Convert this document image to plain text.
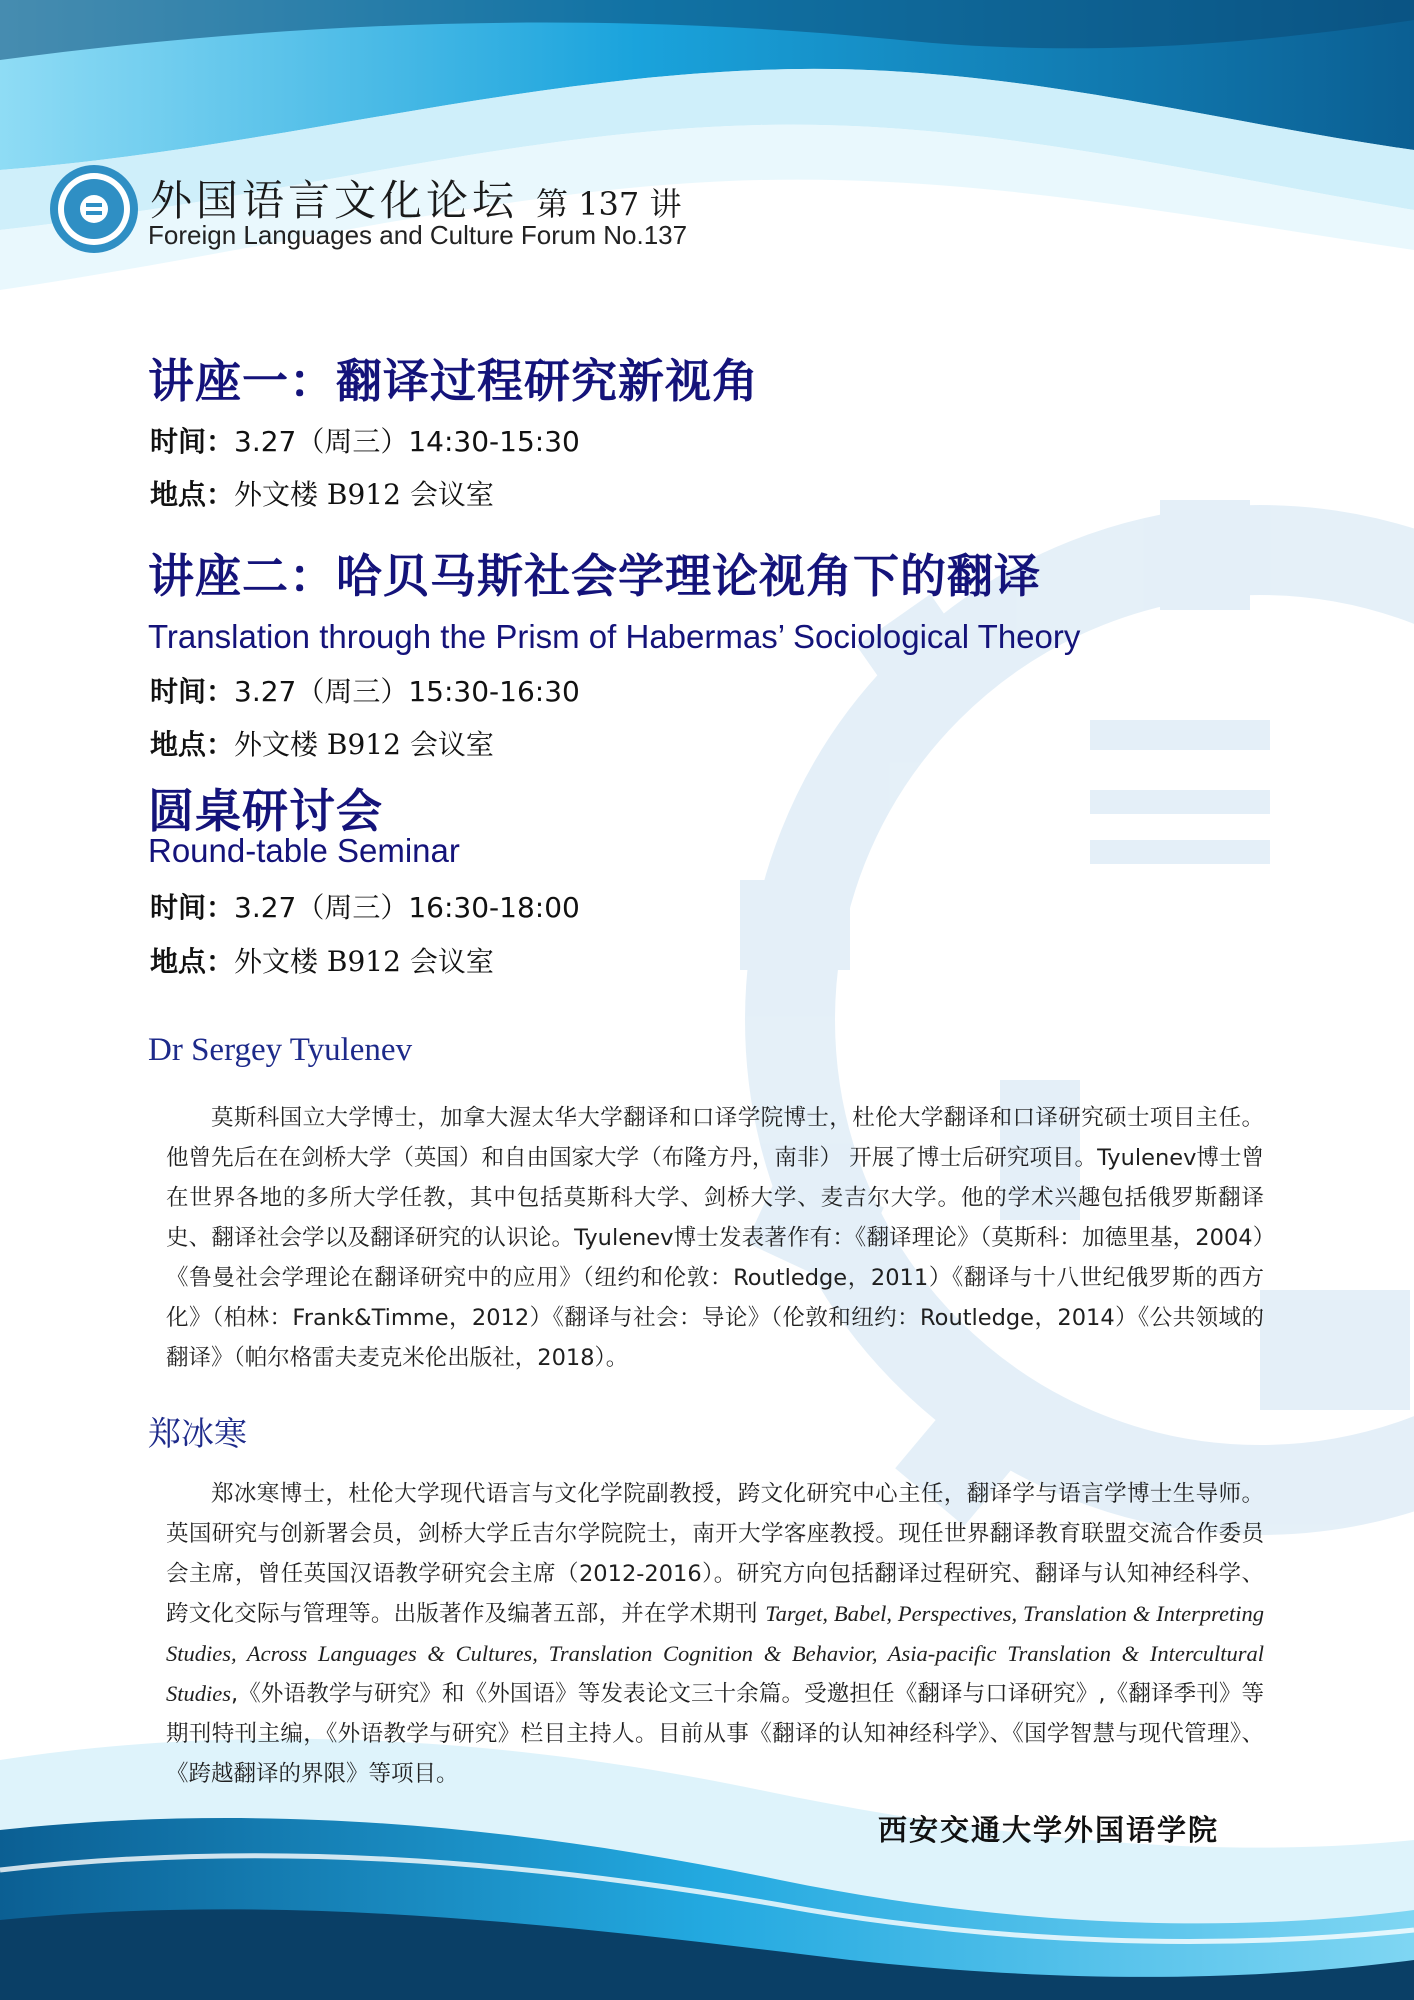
外国语言文化论坛 第 137 讲
Foreign Languages and Culture Forum No.137
讲座一：翻译过程研究新视角
时间：3.27（周三）14:30-15:30
地点：外文楼 B912 会议室
讲座二：哈贝马斯社会学理论视角下的翻译
Translation through the Prism of Habermas’ Sociological Theory
时间：3.27（周三）15:30-16:30
地点：外文楼 B912 会议室
圆桌研讨会
Round-table Seminar
时间：3.27（周三）16:30-18:00
地点：外文楼 B912 会议室
Dr Sergey Tyulenev
莫斯科国立大学博士，加拿大渥太华大学翻译和口译学院博士，杜伦大学翻译和口译研究硕士项目主任。他曾先后在在剑桥大学（英国）和自由国家大学（布隆方丹，南非） 开展了博士后研究项目。Tyulenev博士曾在世界各地的多所大学任教，其中包括莫斯科大学、剑桥大学、麦吉尔大学。他的学术兴趣包括俄罗斯翻译史、翻译社会学以及翻译研究的认识论。Tyulenev博士发表著作有：《翻译理论》（莫斯科：加德里基，2004）《鲁曼社会学理论在翻译研究中的应用》（纽约和伦敦：Routledge，2011）《翻译与十八世纪俄罗斯的西方化》（柏林：Frank&Timme，2012）《翻译与社会：导论》（伦敦和纽约：Routledge，2014）《公共领域的翻译》（帕尔格雷夫麦克米伦出版社，2018）。
郑冰寒
郑冰寒博士，杜伦大学现代语言与文化学院副教授，跨文化研究中心主任，翻译学与语言学博士生导师。英国研究与创新署会员，剑桥大学丘吉尔学院院士，南开大学客座教授。现任世界翻译教育联盟交流合作委员会主席，曾任英国汉语教学研究会主席（2012-2016）。研究方向包括翻译过程研究、翻译与认知神经科学、跨文化交际与管理等。出版著作及编著五部，并在学术期刊 Target, Babel, Perspectives, Translation & Interpreting Studies, Across Languages & Cultures, Translation Cognition & Behavior, Asia-pacific Translation & Intercultural Studies,《外语教学与研究》和《外国语》等发表论文三十余篇。受邀担任《翻译与口译研究》,《翻译季刊》等期刊特刊主编，《外语教学与研究》栏目主持人。目前从事《翻译的认知神经科学》、《国学智慧与现代管理》、《跨越翻译的界限》等项目。
西安交通大学外国语学院
